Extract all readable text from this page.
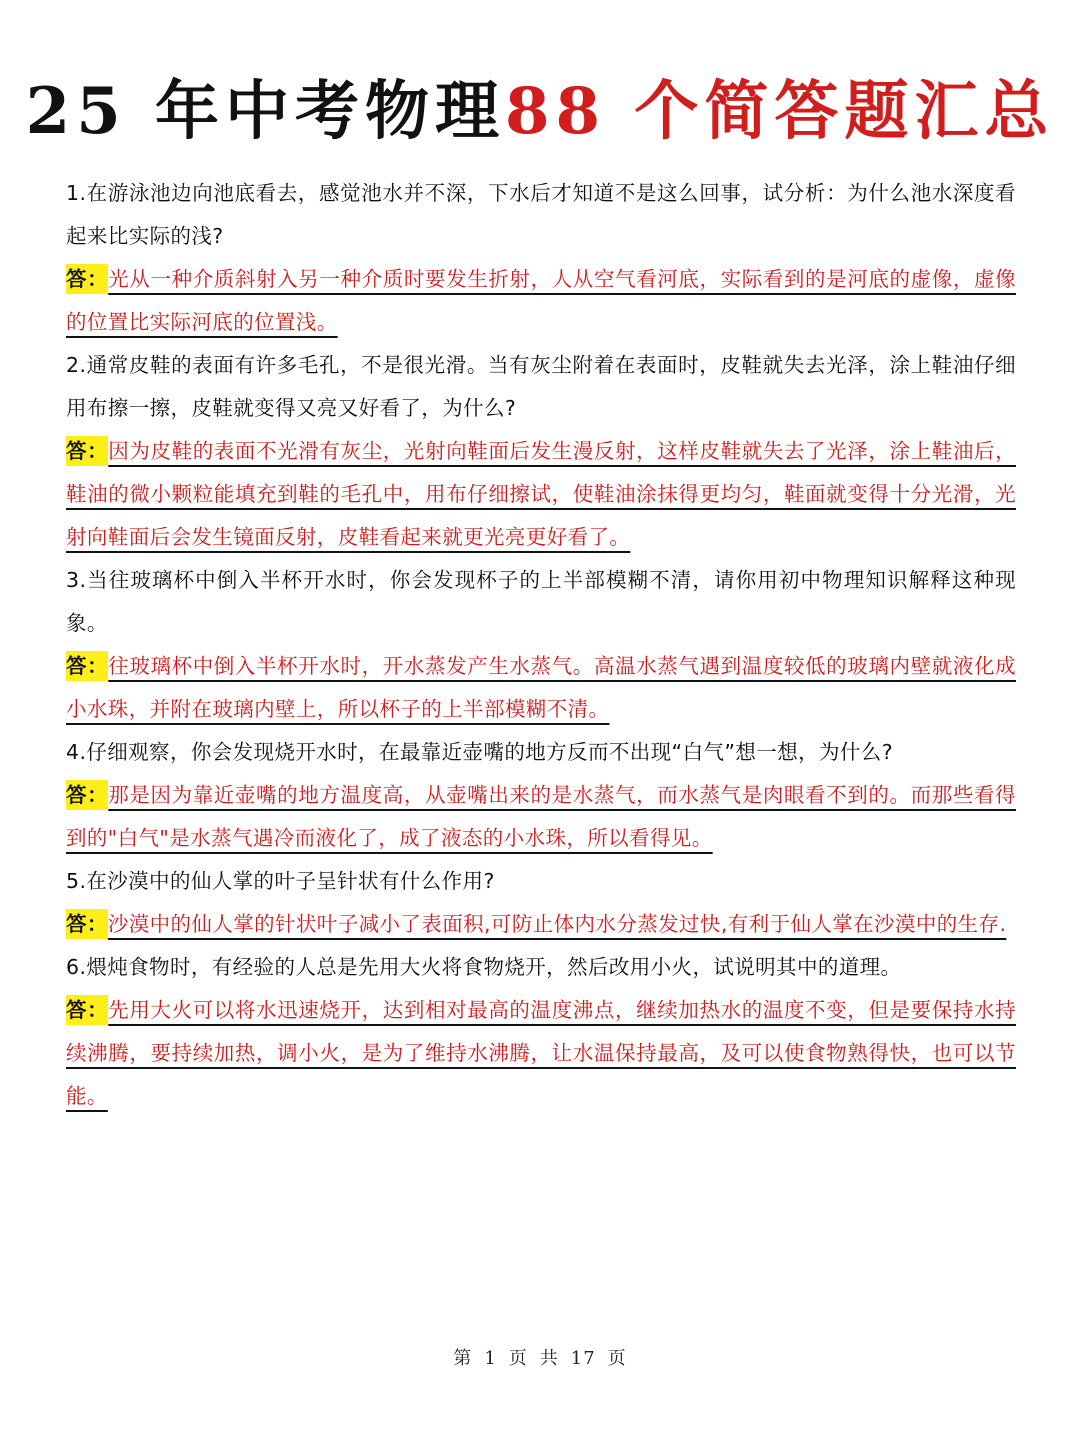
25 年中考物理88 个简答题汇总
1.在游泳池边向池底看去，感觉池水并不深，下水后才知道不是这么回事，试分析：为什么池水深度看起来比实际的浅?
答：光从一种介质斜射入另一种介质时要发生折射，人从空气看河底，实际看到的是河底的虚像，虚像的位置比实际河底的位置浅。
2.通常皮鞋的表面有许多毛孔，不是很光滑。当有灰尘附着在表面时，皮鞋就失去光泽，涂上鞋油仔细用布擦一擦，皮鞋就变得又亮又好看了，为什么?
答：因为皮鞋的表面不光滑有灰尘，光射向鞋面后发生漫反射，这样皮鞋就失去了光泽，涂上鞋油后，鞋油的微小颗粒能填充到鞋的毛孔中，用布仔细擦试，使鞋油涂抹得更均匀，鞋面就变得十分光滑，光射向鞋面后会发生镜面反射，皮鞋看起来就更光亮更好看了。
3.当往玻璃杯中倒入半杯开水时，你会发现杯子的上半部模糊不清，请你用初中物理知识解释这种现象。
答：往玻璃杯中倒入半杯开水时，开水蒸发产生水蒸气。高温水蒸气遇到温度较低的玻璃内壁就液化成小水珠，并附在玻璃内壁上，所以杯子的上半部模糊不清。
4.仔细观察，你会发现烧开水时，在最靠近壶嘴的地方反而不出现“白气”想一想，为什么?
答：那是因为靠近壶嘴的地方温度高，从壶嘴出来的是水蒸气，而水蒸气是肉眼看不到的。而那些看得到的"白气"是水蒸气遇冷而液化了，成了液态的小水珠，所以看得见。
5.在沙漠中的仙人掌的叶子呈针状有什么作用?
答：沙漠中的仙人掌的针状叶子减小了表面积,可防止体内水分蒸发过快,有利于仙人掌在沙漠中的生存.
6.煨炖食物时，有经验的人总是先用大火将食物烧开，然后改用小火，试说明其中的道理。
答：先用大火可以将水迅速烧开，达到相对最高的温度沸点，继续加热水的温度不变，但是要保持水持续沸腾，要持续加热，调小火，是为了维持水沸腾，让水温保持最高，及可以使食物熟得快，也可以节能。
第 1 页 共 17 页
